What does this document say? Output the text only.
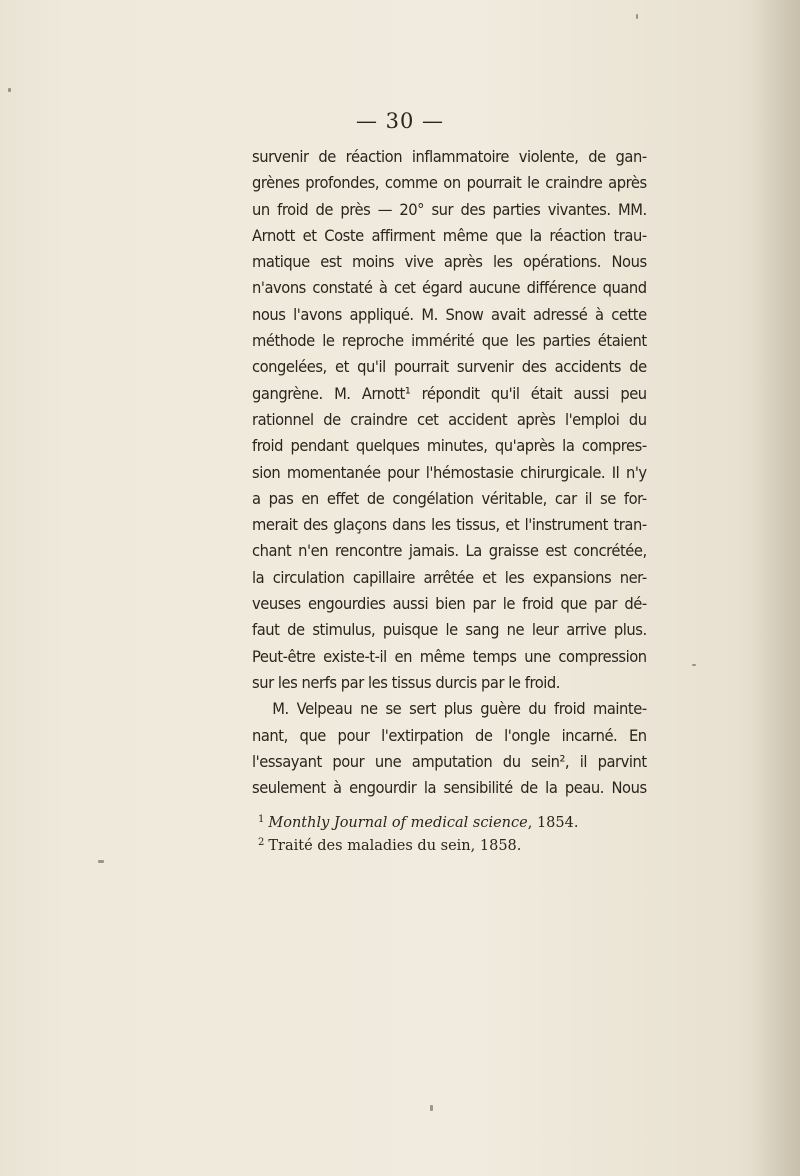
— 30 —
survenir de réaction inflammatoire violente, de gan-
grènes profondes, comme on pourrait le craindre après
un froid de près — 20° sur des parties vivantes. MM.
Arnott et Coste affirment même que la réaction trau-
matique est moins vive après les opérations. Nous
n'avons constaté à cet égard aucune différence quand
nous l'avons appliqué. M. Snow avait adressé à cette
méthode le reproche immérité que les parties étaient
congelées, et qu'il pourrait survenir des accidents de
gangrène. M. Arnott¹ répondit qu'il était aussi peu
rationnel de craindre cet accident après l'emploi du
froid pendant quelques minutes, qu'après la compres-
sion momentanée pour l'hémostasie chirurgicale. Il n'y
a pas en effet de congélation véritable, car il se for-
merait des glaçons dans les tissus, et l'instrument tran-
chant n'en rencontre jamais. La graisse est concrétée,
la circulation capillaire arrêtée et les expansions ner-
veuses engourdies aussi bien par le froid que par dé-
faut de stimulus, puisque le sang ne leur arrive plus.
Peut-être existe-t-il en même temps une compression
sur les nerfs par les tissus durcis par le froid.
M. Velpeau ne se sert plus guère du froid mainte-
nant, que pour l'extirpation de l'ongle incarné. En
l'essayant pour une amputation du sein², il parvint
seulement à engourdir la sensibilité de la peau. Nous
$^1$ Monthly Journal of medical science, 1854.
$^2$ Traité des maladies du sein, 1858.
